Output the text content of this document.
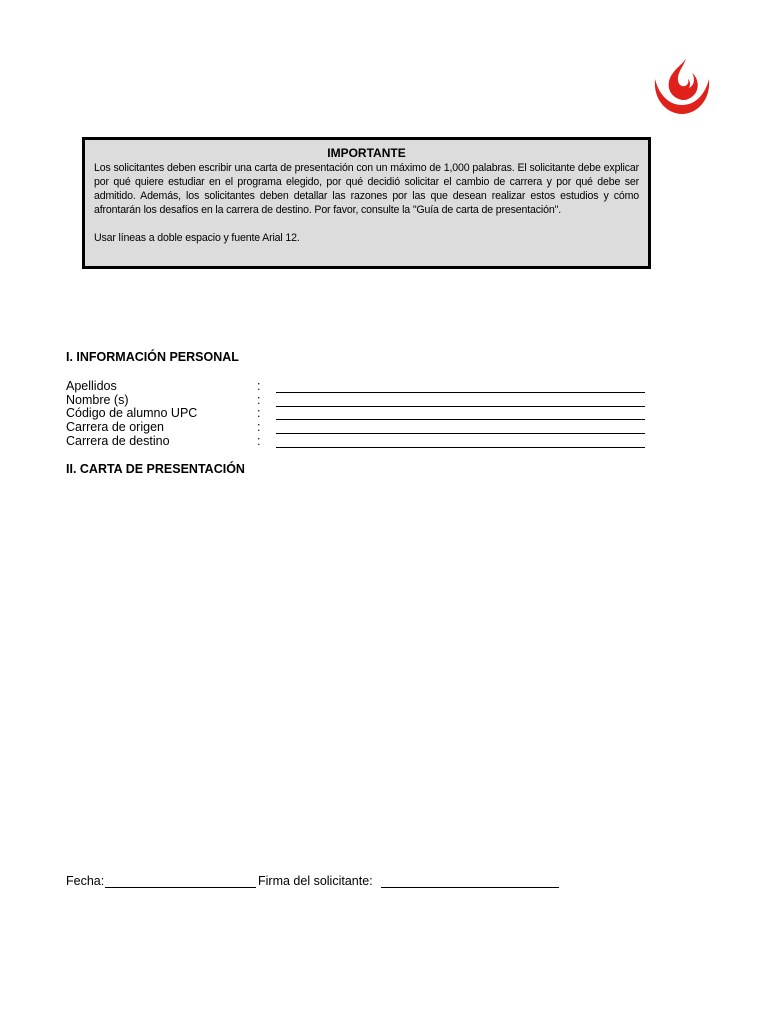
IMPORTANTE

Los solicitantes deben escribir una carta de presentación con un máximo de 1,000 palabras. El solicitante debe explicar por qué quiere estudiar en el programa elegido, por qué decidió solicitar el cambio de carrera y por qué debe ser admitido. Además, los solicitantes deben detallar las razones por las que desean realizar estos estudios y cómo afrontarán los desafíos en la carrera de destino. Por favor, consulte la "Guía de carta de presentación".

Usar líneas a doble espacio y fuente Arial 12.
I. INFORMACIÓN PERSONAL
Apellidos	:
Nombre (s)	:
Código de alumno UPC	:
Carrera de origen	:
Carrera de destino	:
II. CARTA DE PRESENTACIÓN
Fecha:	Firma del solicitante:
